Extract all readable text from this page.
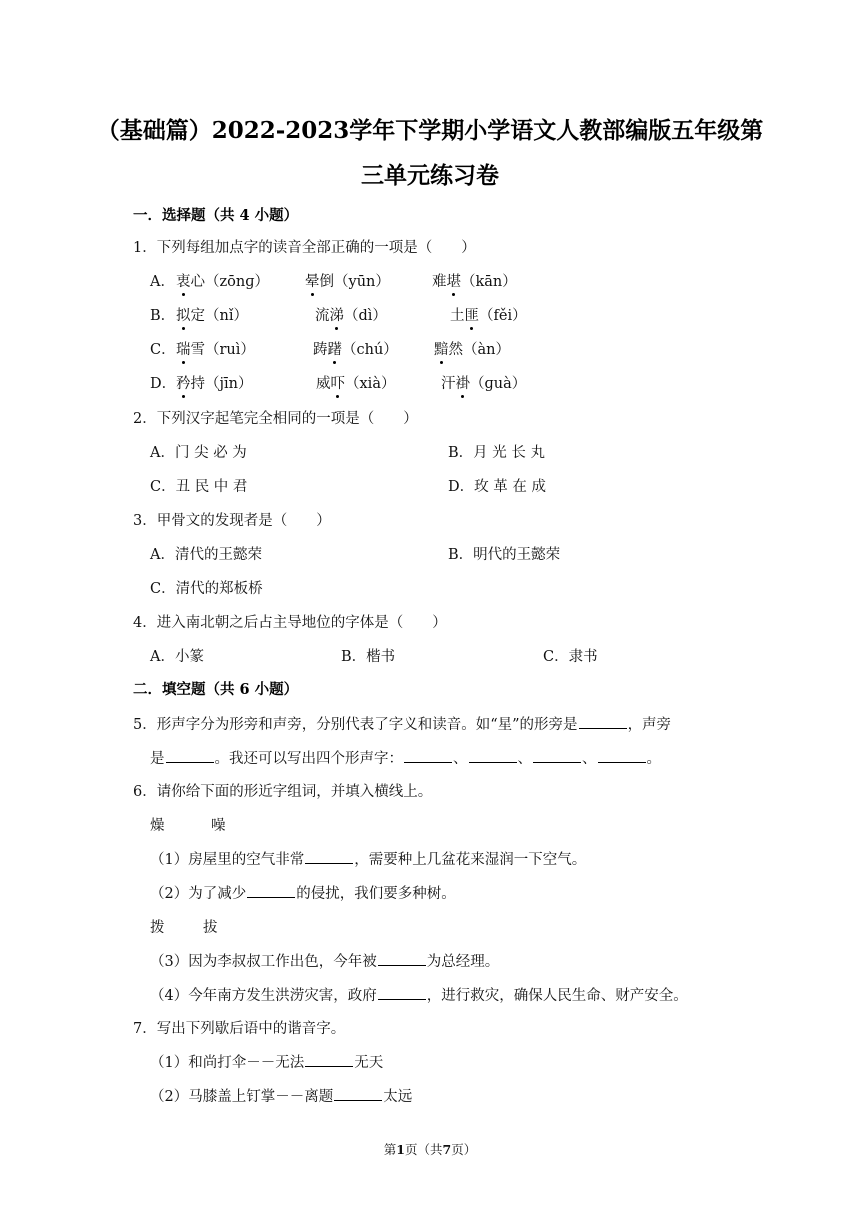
（基础篇）2022-2023学年下学期小学语文人教部编版五年级第
三单元练习卷
一．选择题（共 4 小题）
1．下列每组加点字的读音全部正确的一项是（　　）
A． 衷心（zōnɡ） 晕倒（yūn）	难堪（kān）
B． 拟定（nǐ）	流涕（dì）	土匪（fěi）
C． 瑞雪（ruì）	踌躇（chú） 黯然（àn）
D． 矜持（jīn）	威吓（xià）	汗褂（ɡuà）
2．下列汉字起笔完全相同的一项是（　　）
A．门 尖 必 为	B．月 光 长 丸
C．丑 民 中 君	D．玫 革 在 成
3．甲骨文的发现者是（　　）
A．清代的王懿荣	B．明代的王懿荣
C．清代的郑板桥
4．进入南北朝之后占主导地位的字体是（　　）
A．小篆	B．楷书	C．隶书
二．填空题（共 6 小题）
5．形声字分为形旁和声旁，分别代表了字义和读音。如“星”的形旁是	，声旁
是	。我还可以写出四个形声字：	、	、	、	。
6．请你给下面的形近字组词，并填入横线上。
燥	噪
（1）房屋里的空气非常	，需要种上几盆花来湿润一下空气。
（2）为了减少	的侵扰，我们要多种树。
拨	拔
（3）因为李叔叔工作出色，今年被	为总经理。
（4）今年南方发生洪涝灾害，政府	，进行救灾，确保人民生命、财产安全。
7．写出下列歇后语中的谐音字。
（1）和尚打伞－－无法	无天
（2）马膝盖上钉掌－－离题	太远
第1页（共7页）
